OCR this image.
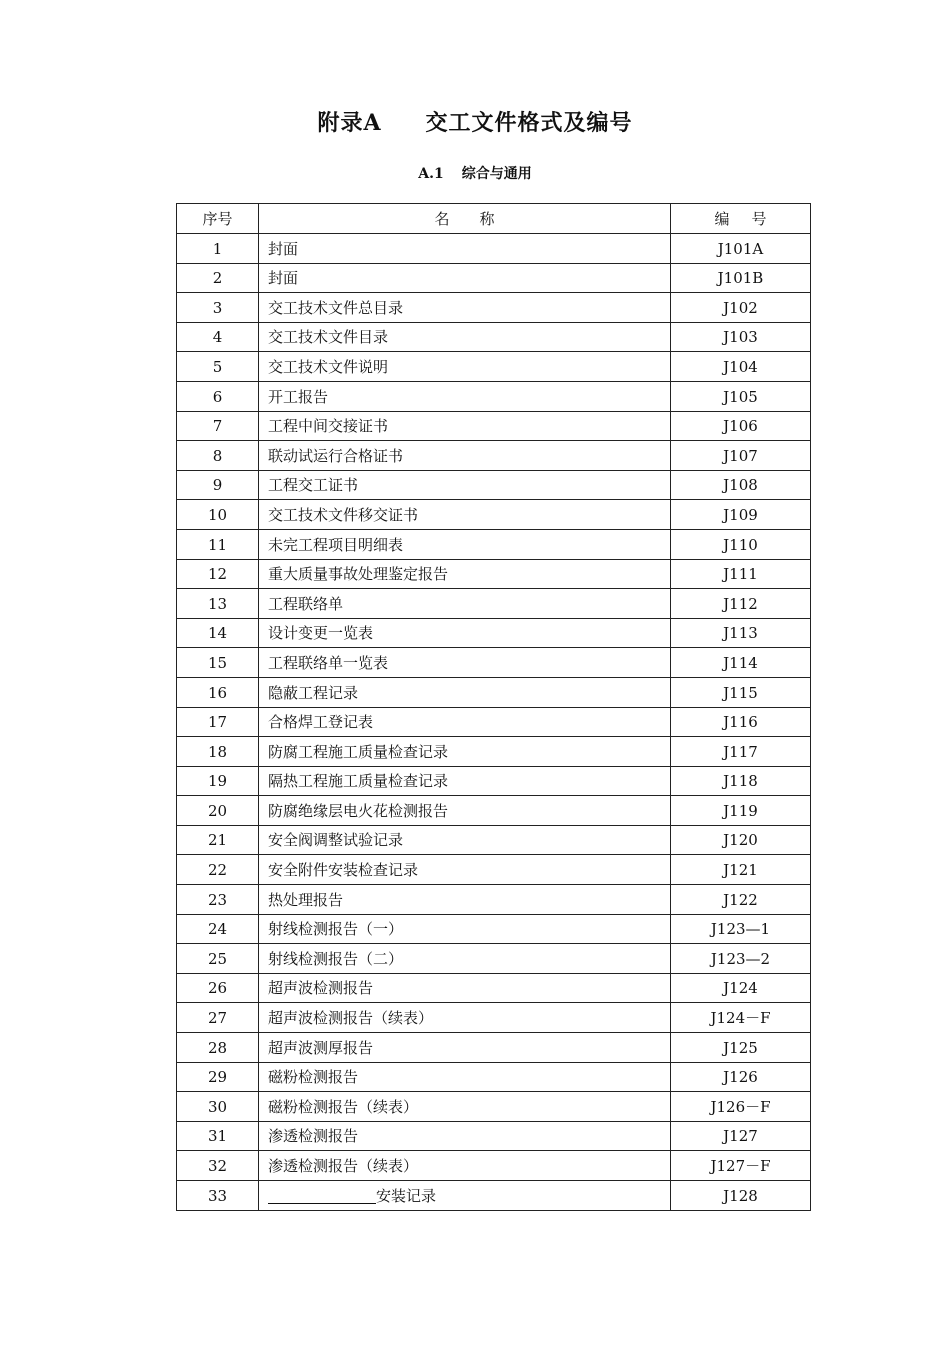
附录A 交工文件格式及编号
A.1 综合与通用
序号	名称	编号
1	封面	J101A
2	封面	J101B
3	交工技术文件总目录	J102
4	交工技术文件目录	J103
5	交工技术文件说明	J104
6	开工报告	J105
7	工程中间交接证书	J106
8	联动试运行合格证书	J107
9	工程交工证书	J108
10	交工技术文件移交证书	J109
11	未完工程项目明细表	J110
12	重大质量事故处理鉴定报告	J111
13	工程联络单	J112
14	设计变更一览表	J113
15	工程联络单一览表	J114
16	隐蔽工程记录	J115
17	合格焊工登记表	J116
18	防腐工程施工质量检查记录	J117
19	隔热工程施工质量检查记录	J118
20	防腐绝缘层电火花检测报告	J119
21	安全阀调整试验记录	J120
22	安全附件安装检查记录	J121
23	热处理报告	J122
24	射线检测报告（一）	J123—1
25	射线检测报告（二）	J123—2
26	超声波检测报告	J124
27	超声波检测报告（续表）	J124－F
28	超声波测厚报告	J125
29	磁粉检测报告	J126
30	磁粉检测报告（续表）	J126－F
31	渗透检测报告	J127
32	渗透检测报告（续表）	J127－F
33	安装记录	J128
